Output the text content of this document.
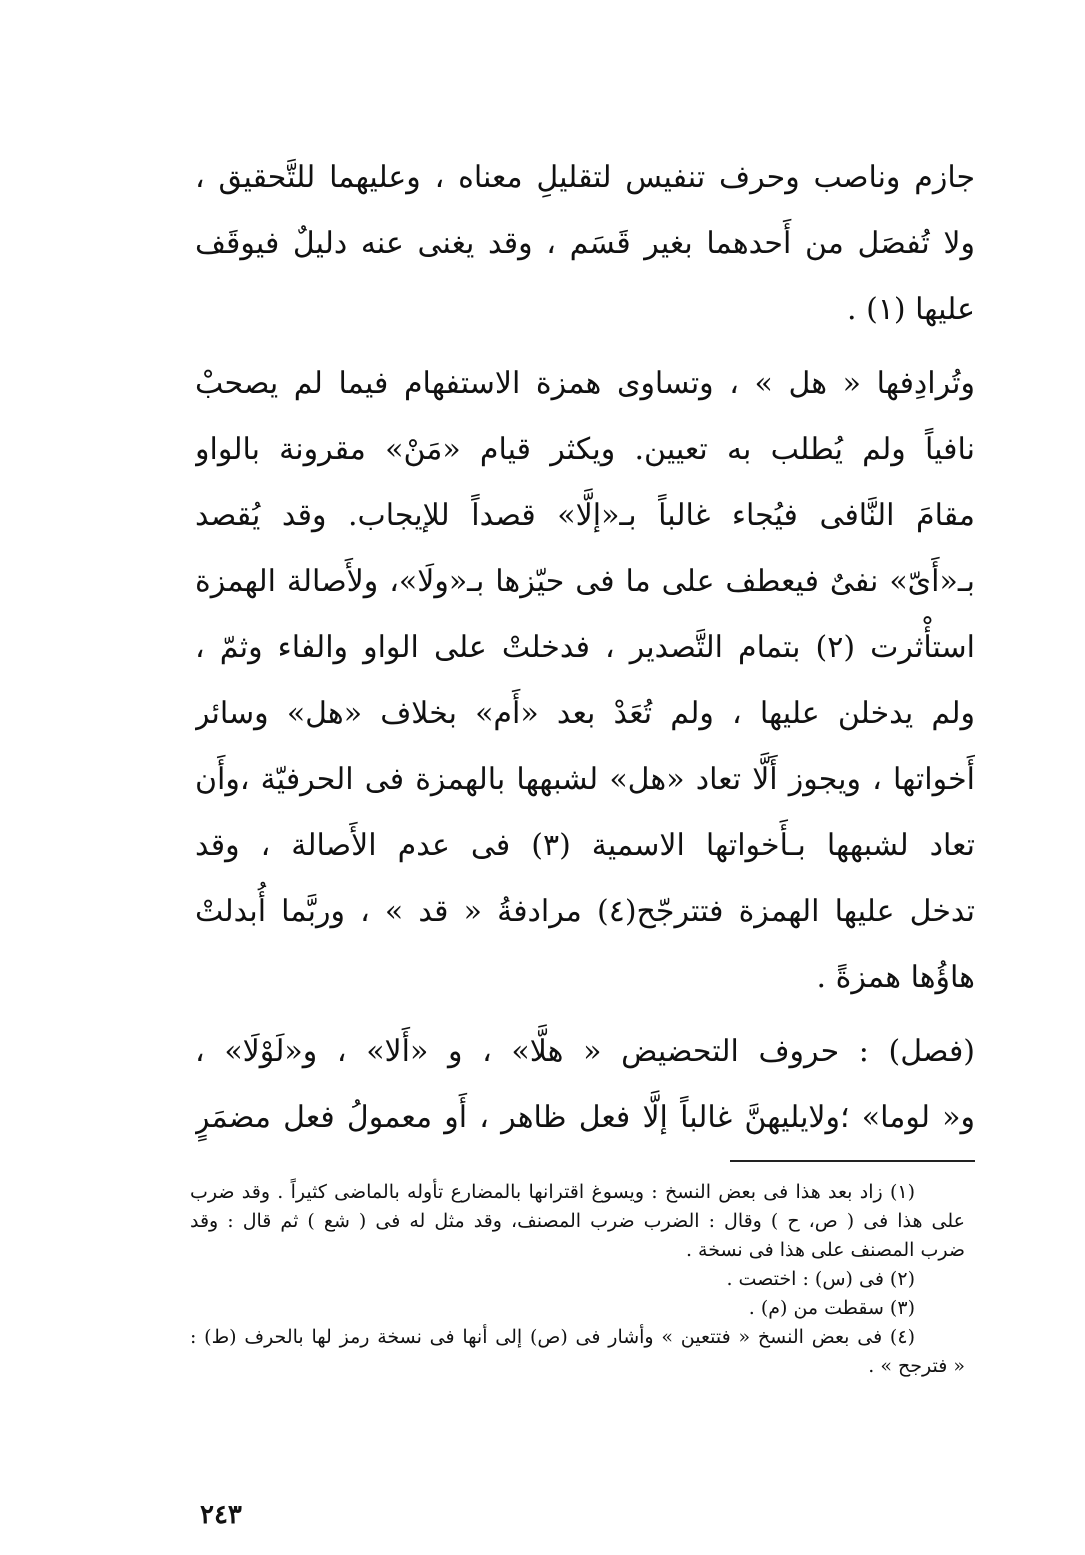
جازم وناصب وحرف تنفيس لتقليلِ معناه ، وعليهما للتَّحقيق ،
ولا تُفصَل من أَحدهما بغير قَسَم ، وقد يغنى عنه دليلٌ فيوقَف
عليها (١) .
وتُرادِفها « هل » ، وتساوى همزة الاستفهام فيما لم يصحبْ
نافياً ولم يُطلب به تعيين. ويكثر قيام «مَنْ» مقرونة بالواو
مقامَ النَّافى فيُجاء غالباً بـ«إلَّا» قصداً للإيجاب. وقد يُقصد
بـ«أَىّ» نفىٌ فيعطف على ما فى حيّزها بـ«ولَا»، ولأَصالة الهمزة
استأْثرت (٢) بتمام التَّصدير ، فدخلتْ على الواو والفاء وثمّ ،
ولم يدخلن عليها ، ولم تُعَدْ بعد «أَم» بخلاف «هل» وسائر
أَخواتها ، ويجوز أَلَّا تعاد «هل» لشبهها بالهمزة فى الحرفيّة ،وأَن
تعاد لشبهها بـأَخواتها الاسمية (٣) فى عدم الأَصالة ، وقد
تدخل عليها الهمزة فتترجّح(٤) مرادفةُ « قد » ، وربَّما أُبدلتْ
هاؤُها همزةً .
(فصل) : حروف التحضيض « هلَّا» ، و «أَلا» ، و«لَوْلَا» ،
و« لوما» ؛ولايليهنَّ غالباً إلَّا فعل ظاهر ، أَو معمولُ فعل مضمَرٍ
(١) زاد بعد هذا فى بعض النسخ : ويسوغ اقترانها بالمضارع تأوله بالماضى كثيراً . وقد ضرب
على هذا فى ( ص، ح ) وقال : الضرب ضرب المصنف، وقد مثل له فى ( شع ) ثم قال : وقد
ضرب المصنف على هذا فى نسخة .
(٢) فى (س) : اختصت .
(٣) سقطت من (م) .
(٤) فى بعض النسخ « فتتعين » وأشار فى (ص) إلى أنها فى نسخة رمز لها بالحرف (ط) :
« فترجح » .
٢٤٣
